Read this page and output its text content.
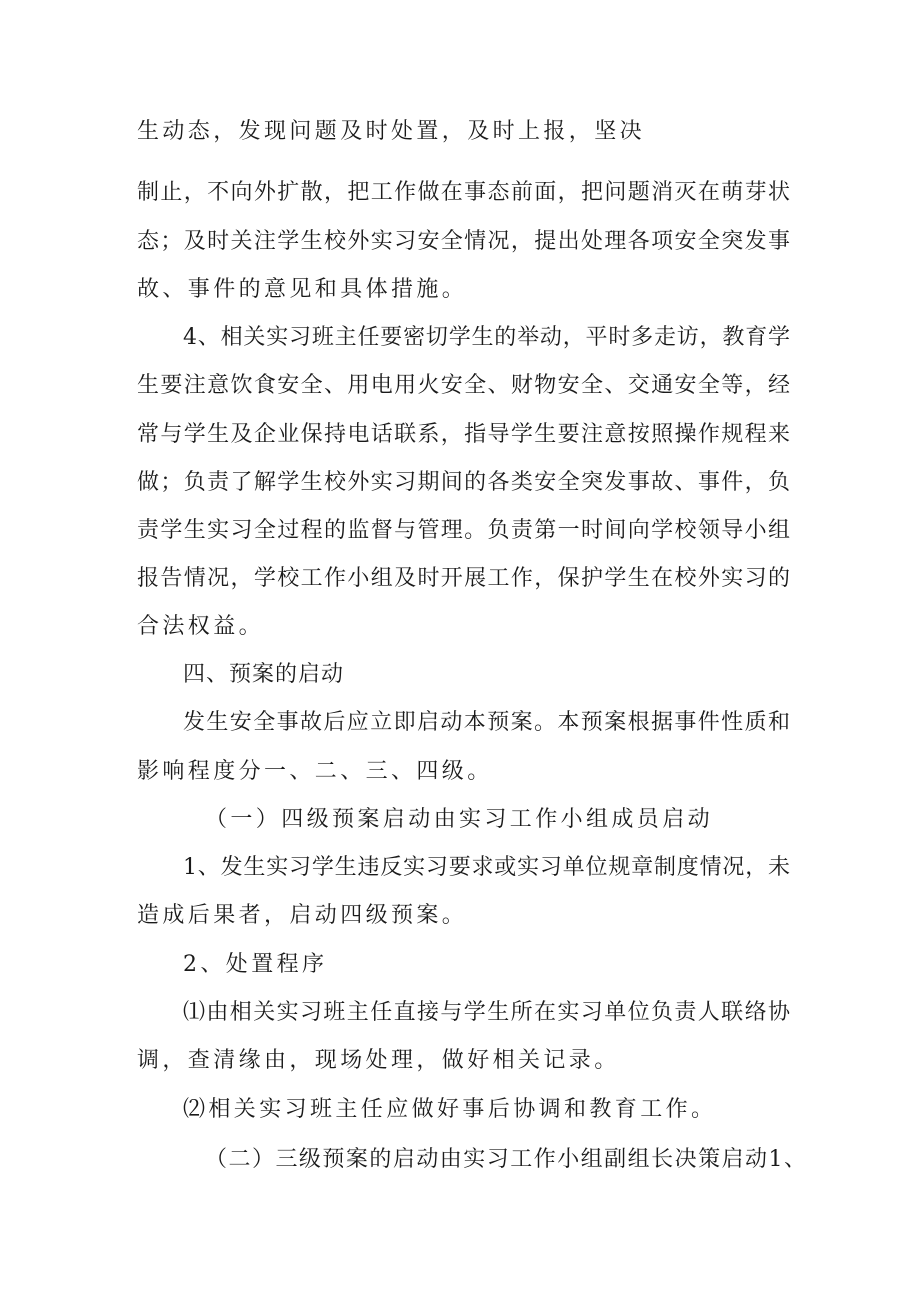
生动态，发现问题及时处置，及时上报，坚决
制止，不向外扩散，把工作做在事态前面，把问题消灭在萌芽状
态；及时关注学生校外实习安全情况，提出处理各项安全突发事
故、事件的意见和具体措施。
4、相关实习班主任要密切学生的举动，平时多走访，教育学
生要注意饮食安全、用电用火安全、财物安全、交通安全等，经
常与学生及企业保持电话联系，指导学生要注意按照操作规程来
做；负责了解学生校外实习期间的各类安全突发事故、事件，负
责学生实习全过程的监督与管理。负责第一时间向学校领导小组
报告情况，学校工作小组及时开展工作，保护学生在校外实习的
合法权益。
四、预案的启动
发生安全事故后应立即启动本预案。本预案根据事件性质和
影响程度分一、二、三、四级。
（一）四级预案启动由实习工作小组成员启动
1、发生实习学生违反实习要求或实习单位规章制度情况，未
造成后果者，启动四级预案。
2、处置程序
⑴由相关实习班主任直接与学生所在实习单位负责人联络协
调，查清缘由，现场处理，做好相关记录。
⑵相关实习班主任应做好事后协调和教育工作。
（二）三级预案的启动由实习工作小组副组长决策启动1、
